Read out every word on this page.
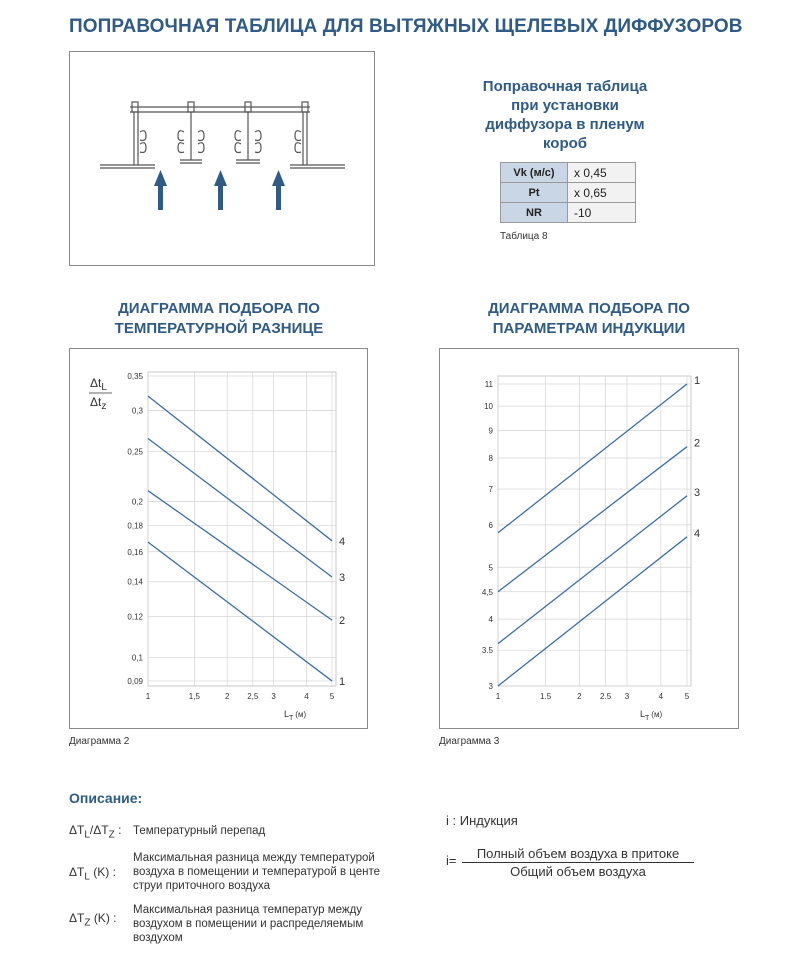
ПОПРАВОЧНАЯ ТАБЛИЦА ДЛЯ ВЫТЯЖНЫХ ЩЕЛЕВЫХ ДИФФУЗОРОВ
Поправочная таблица при установки диффузора в пленум короб
Vk (м/с)	x 0,45
Pt	x 0,65
NR	-10
Таблица 8
ДИАГРАММА ПОДБОРА ПО
ТЕМПЕРАТУРНОЙ РАЗНИЦЕ
ДИАГРАММА ПОДБОРА ПО
ПАРАМЕТРАМ ИНДУКЦИИ
1	1,5	2 2,5 3	4	5
0,09
0,1
0,12
0,14
0,16
0,18
0,2
0,25
0,3
0,35
1
2
3
4
$L_T$ (м)
$\Delta t_L$
$\Delta t_z$
1	1.5	2 2.5 3	4	5
3
3.5
4
4,5
5
6
7
8
9
10
11	1
2
3
4
$L_T$ (м)
Диаграмма 2	Диаграмма 3
Описание:
$\Delta T_L/\Delta T_Z$ : Температурный перепад
$\Delta T_L$ (K) :
Максимальная разница между температурой воздуха в помещении и температурой в центе струи приточного воздуха
$\Delta T_Z$ (K) :
Максимальная разница температур между воздухом в помещении и распределяемым воздухом
i : Индукция
i=	Полный объем воздуха в притоке
Общий объем воздуха
